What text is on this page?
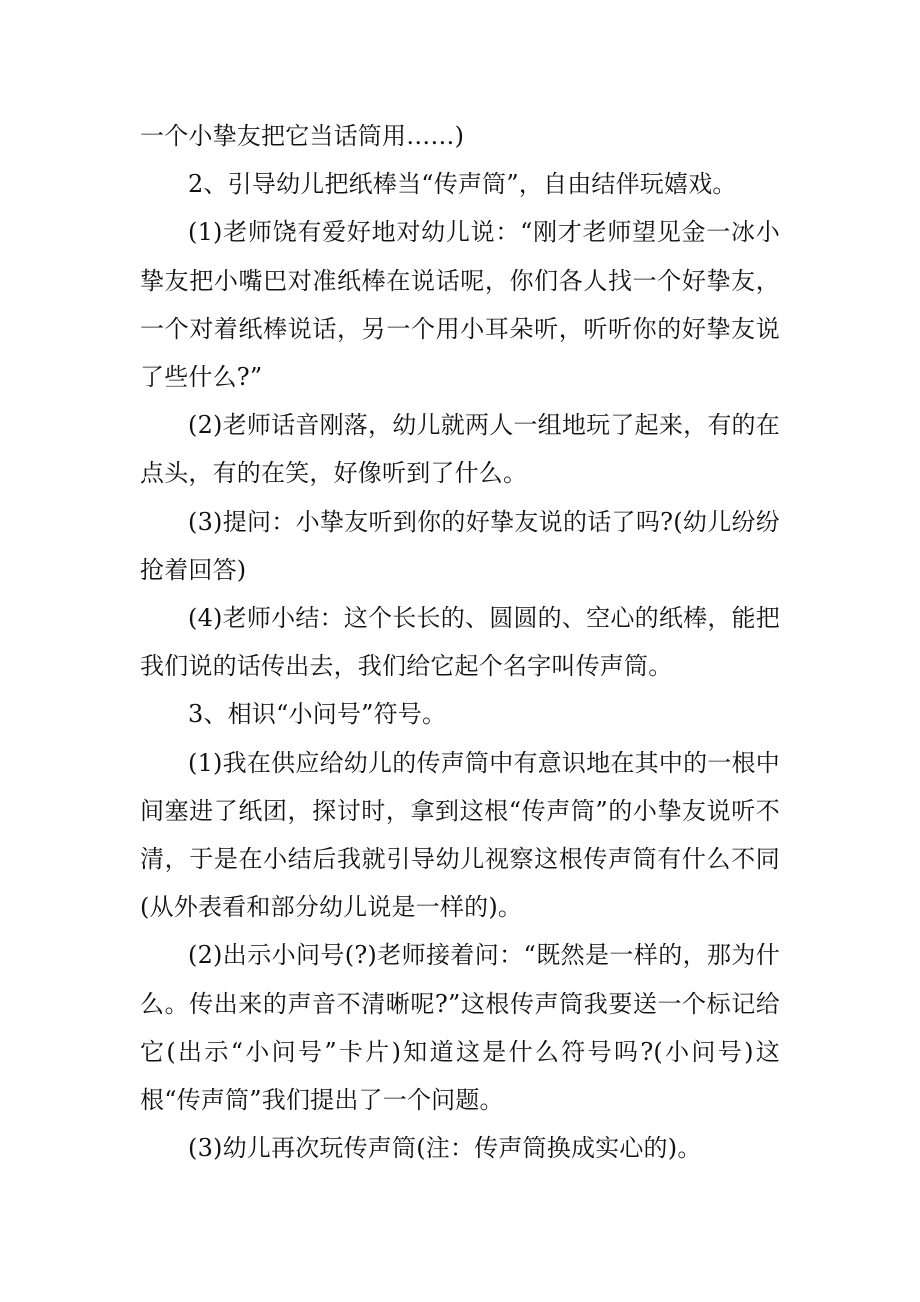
一个小挚友把它当话筒用……)

2、引导幼儿把纸棒当“传声筒”，自由结伴玩嬉戏。

(1)老师饶有爱好地对幼儿说：“刚才老师望见金一冰小挚友把小嘴巴对准纸棒在说话呢，你们各人找一个好挚友，一个对着纸棒说话，另一个用小耳朵听，听听你的好挚友说了些什么?”

(2)老师话音刚落，幼儿就两人一组地玩了起来，有的在点头，有的在笑，好像听到了什么。

(3)提问：小挚友听到你的好挚友说的话了吗?(幼儿纷纷抢着回答)

(4)老师小结：这个长长的、圆圆的、空心的纸棒，能把我们说的话传出去，我们给它起个名字叫传声筒。

3、相识“小问号”符号。

(1)我在供应给幼儿的传声筒中有意识地在其中的一根中间塞进了纸团，探讨时，拿到这根“传声筒”的小挚友说听不清，于是在小结后我就引导幼儿视察这根传声筒有什么不同(从外表看和部分幼儿说是一样的)。

(2)出示小问号(?)老师接着问：“既然是一样的，那为什么。传出来的声音不清晰呢?”这根传声筒我要送一个标记给它(出示“小问号”卡片)知道这是什么符号吗?(小问号)这根“传声筒”我们提出了一个问题。

(3)幼儿再次玩传声筒(注：传声筒换成实心的)。
